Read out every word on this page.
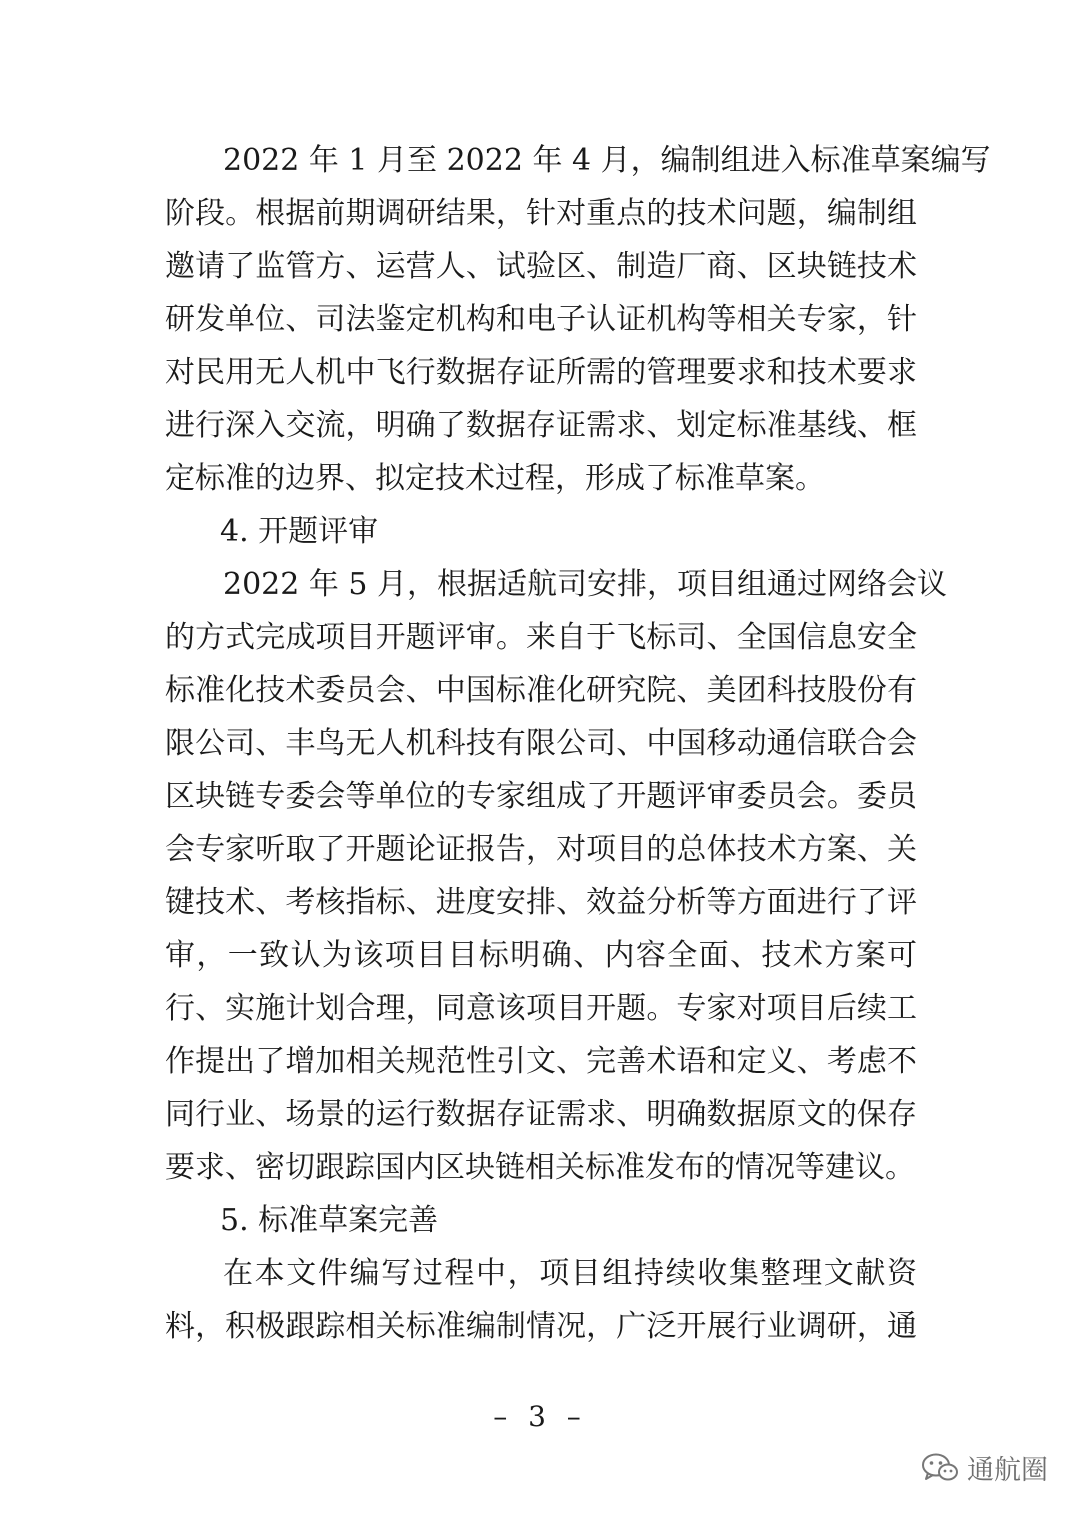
2022 年 1 月至 2022 年 4 月，编制组进入标准草案编写
阶段。根据前期调研结果，针对重点的技术问题，编制组
邀请了监管方、运营人、试验区、制造厂商、区块链技术
研发单位、司法鉴定机构和电子认证机构等相关专家，针
对民用无人机中飞行数据存证所需的管理要求和技术要求
进行深入交流，明确了数据存证需求、划定标准基线、框
定标准的边界、拟定技术过程，形成了标准草案。
4. 开题评审
2022 年 5 月，根据适航司安排，项目组通过网络会议
的方式完成项目开题评审。来自于飞标司、全国信息安全
标准化技术委员会、中国标准化研究院、美团科技股份有
限公司、丰鸟无人机科技有限公司、中国移动通信联合会
区块链专委会等单位的专家组成了开题评审委员会。委员
会专家听取了开题论证报告，对项目的总体技术方案、关
键技术、考核指标、进度安排、效益分析等方面进行了评
审，一致认为该项目目标明确、内容全面、技术方案可
行、实施计划合理，同意该项目开题。专家对项目后续工
作提出了增加相关规范性引文、完善术语和定义、考虑不
同行业、场景的运行数据存证需求、明确数据原文的保存
要求、密切跟踪国内区块链相关标准发布的情况等建议。
5. 标准草案完善
在本文件编写过程中，项目组持续收集整理文献资
料，积极跟踪相关标准编制情况，广泛开展行业调研，通
– 3 –
通航圈
